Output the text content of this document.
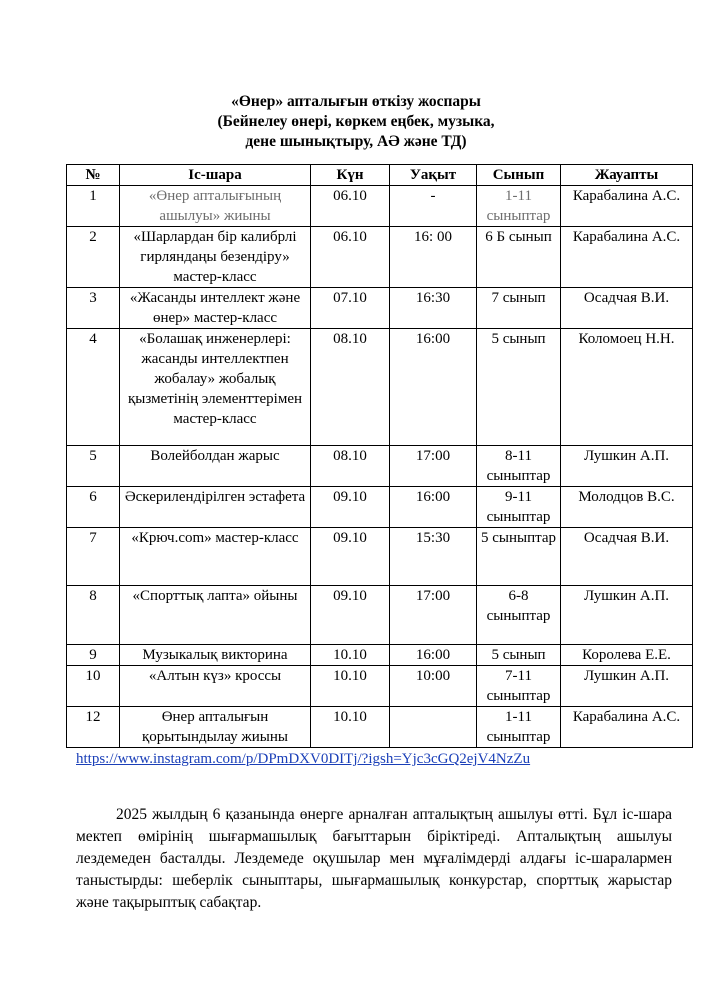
«Өнер» апталығын өткізу жоспары
(Бейнелеу өнері, көркем еңбек, музыка,
дене шынықтыру, АӘ және ТД)
№	Іс-шара	Күн	Уақыт	Сынып	Жауапты
1	«Өнер апталығының ашылуы» жиыны	06.10	-	1-11 сыныптар	Карабалина А.С.
2	«Шарлардан бір калибрлі гирляндаңы безендіру» мастер-класс	06.10	16: 00	6 Б сынып	Карабалина А.С.
3	«Жасанды интеллект және өнер» мастер-класс	07.10	16:30	7 сынып	Осадчая В.И.
4	«Болашақ инженерлері: жасанды интеллектпен жобалау» жобалық қызметінің элементтерімен мастер-класс	08.10	16:00	5 сынып	Коломоец Н.Н.
5	Волейболдан жарыс	08.10	17:00	8-11 сыныптар	Лушкин А.П.
6	Әскерилендірілген эстафета	09.10	16:00	9-11 сыныптар	Молодцов В.С.
7	«Крюч.com» мастер-класс	09.10	15:30	5 сыныптар	Осадчая В.И.
8	«Спорттық лапта» ойыны	09.10	17:00	6-8 сыныптар	Лушкин А.П.
9	Музыкалық викторина	10.10	16:00	5 сынып	Королева Е.Е.
10	«Алтын күз» кроссы	10.10	10:00	7-11 сыныптар	Лушкин А.П.
12	Өнер апталығын қорытындылау жиыны	10.10		1-11 сыныптар	Карабалина А.С.
https://www.instagram.com/p/DPmDXV0DITj/?igsh=Yjc3cGQ2ejV4NzZu

2025 жылдың 6 қазанында өнерге арналған апталықтың ашылуы өтті. Бұл іс-шара мектеп өмірінің шығармашылық бағыттарын біріктіреді. Апталықтың ашылуы лездемеден басталды. Лездемеде оқушылар мен мұғалімдерді алдағы іс-шаралармен таныстырды: шеберлік сыныптары, шығармашылық конкурстар, спорттық жарыстар және тақырыптық сабақтар.
